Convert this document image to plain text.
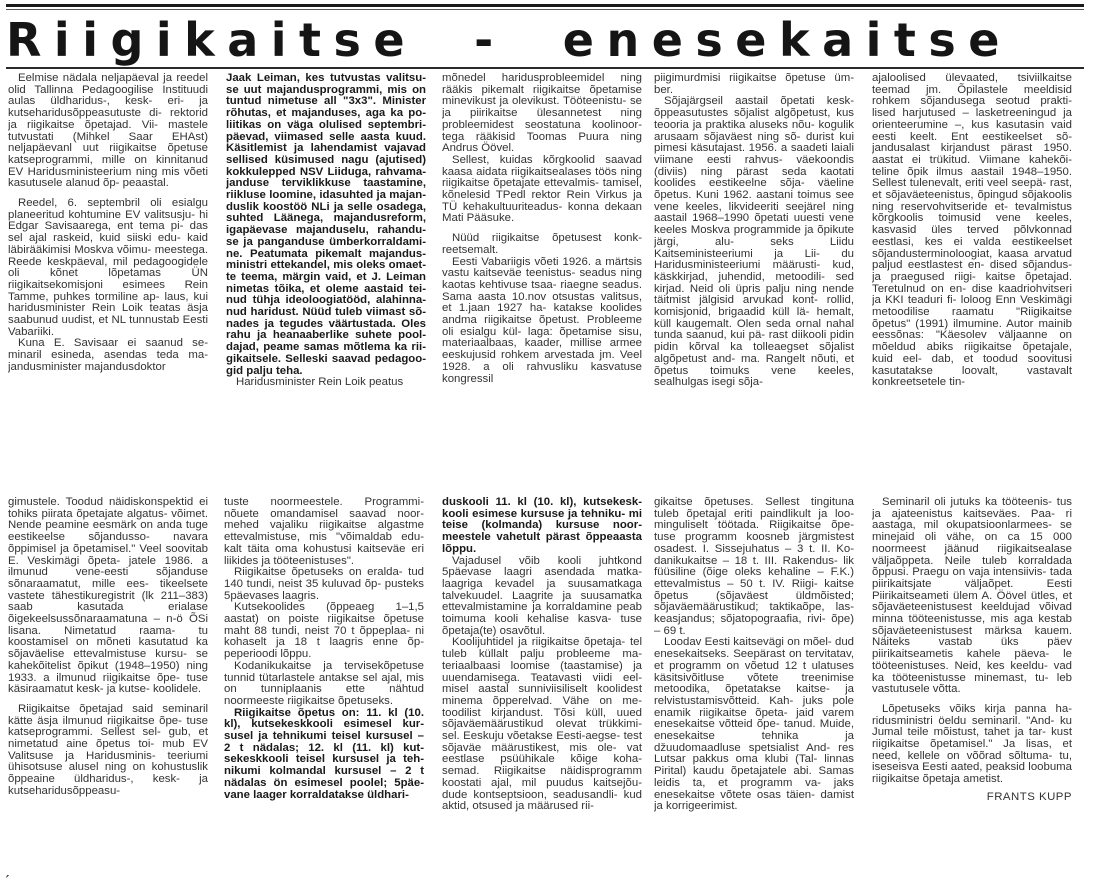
Riigikaitse  -  enesekaitse

Eelmise nädala neljapäeval ja reedel olid Tallinna Pedagoogilise Instituudi aulas üldharidus-, kesk- eri- ja kutseharidusõppeasutuste di- rektorid ja riigikaitse õpetajad. Vii- mastele tutvustati (Mihkel Saar EHAst) neljapäevanl uut riigikaitse õpetuse katseprogrammi, mille on kinnitanud EV Haridusministeerium ning mis võeti kasutusele alanud õp- peaastal.

Reedel, 6. septembril oli esialgu planeeritud kohtumine EV valitsusju- hi Edgar Savisaarega, ent tema pi- das sel ajal raskeid, kuid siiski edu- kaid läbirääkimisi Moskva võimu- meestega. Reede keskpäeval, mil pedagoogidele oli kõnet lõpetamas ÜN riigikaitsekomisjoni esimees Rein Tamme, puhkes tormiline ap- laus, kui haridusminister Rein Loik teatas äsja saabunud uudist, et NL tunnustab Eesti Vabariiki.

Kuna E. Savisaar ei saanud se- minaril esineda, asendas teda ma- jandusminister majandusdoktor

Jaak Leiman, kes tutvustas valitsu- se uut majandusprogrammi, mis on tuntud nimetuse all "3x3". Minister rõhutas, et majanduses, aga ka po- liitikas on väga olulised septembri- päevad, viimased selle aasta kuud. Käsitlemist ja lahendamist vajavad sellised küsimused nagu (ajutised) kokkulepped NSV Liiduga, rahvama- janduse terviklikkuse taastamine, riikluse loomine, idasuhted ja majan- duslik koostöö NLi ja selle osadega, suhted Läänega, majandusreform, igapäevase majanduselu, rahandu- se ja panganduse ümberkorraldami- ne. Peatumata pikemalt majandus- ministri ettekandel, mis oleks omaet- te teema, märgin vaid, et J. Leiman nimetas tõika, et oleme aastaid tei- nud tühja ideoloogiatööd, alahinna- nud haridust. Nüüd tuleb viimast sõ- nades ja tegudes väärtustada. Oles rahu ja heanaaberlike suhete pool- dajad, peame samas mõtlema ka rii- gikaitsele. Selleski saavad pedagoo- gid palju teha.

Haridusminister Rein Loik peatus

mõnedel haridusprobleemidel ning rääkis pikemalt riigikaitse õpetamise minevikust ja olevikust. Tööteenistu- se ja piirikaitse ülesannetest ning probleemidest seostatuna koolinoor- tega rääkisid Toomas Puura ning Andrus Öövel.

Sellest, kuidas kõrgkoolid saavad kaasa aidata riigikaitsealases töös ning riigikaitse õpetajate ettevalmis- tamisel, kõnelesid TPedl rektor Rein Virkus ja TÜ kehakultuuriteadus- konna dekaan Mati Pääsuke.

Nüüd riigikaitse õpetusest konk- reetsemalt.

Eesti Vabariigis võeti 1926. a märtsis vastu kaitseväe teenistus- seadus ning kaotas kehtivuse tsaa- riaegne seadus. Sama aasta 10.nov otsustas valitsus, et 1.jaan 1927 ha- katakse koolides andma riigikaitse õpetust. Probleeme oli esialgu kül- laga: õpetamise sisu, materiaalbaas, kaader, millise armee eeskujusid rohkem arvestada jm. Veel 1928. a oli rahvusliku kasvatuse kongressil

piigimurdmisi riigikaitse õpetuse üm- ber.

Sõjajärgseil aastail õpetati kesk- õppeasutustes sõjalist algõpetust, kus teooria ja praktika aluseks nõu- kogulik arusaam sõjaväest ning sõ- durist kui pimesi käsutajast. 1956. a saadeti laiali viimane eesti rahvus- väekoondis (diviis) ning pärast seda kaotati koolides eestikeelne sõja- väeline õpetus. Kuni 1962. aastani toimus see vene keeles, likvideeriti seejärel ning aastail 1968–1990 õpetati uuesti vene keeles Moskva programmide ja õpikute järgi, alu- seks Liidu Kaitseministeeriumi ja Lii- du Haridusministeeriumi määrusti- kud, käskkirjad, juhendid, metoodili- sed kirjad. Neid oli üpris palju ning nende täitmist jälgisid arvukad kont- rollid, komisjonid, brigaadid küll lä- hemalt, küll kaugemalt. Olen seda ornal nahal tunda saanud, kui pä- rast diikooli pidin pidin kõrval ka tolleaegset sõjalist algõpetust and- ma. Rangelt nõuti, et õpetus toimuks vene keeles, sealhulgas isegi sõja-

ajaloolised ülevaated, tsiviilkaitse teemad jm. Õpilastele meeldisid rohkem sõjandusega seotud prakti- lised harjutused – lasketreeningud ja orienteerumine –, kus kasutasin vaid eesti keelt. Ent eestikeelset sõ- jandusalast kirjandust pärast 1950. aastat ei trükitud. Viimane kahekõi- teline õpik ilmus aastail 1948–1950. Sellest tulenevalt, eriti veel seepä- rast, et sõjaväeteenistus, õpingud sõjakoolis ning reservohvitseride et- tevalmistus kõrgkoolis toimusid vene keeles, kasvasid üles terved põlvkonnad eestlasi, kes ei valda eestikeelset sõjandusterminoloogiat, kaasa arvatud paljud eestlastest en- dised sõjandus- ja praegused riigi- kaitse õpetajad. Teretulnud on en- dise kaadriohvitseri ja KKI teaduri fi- loloog Enn Veskimägi metoodilise raamatu "Riigikaitse õpetus" (1991) ilmumine. Autor mainib eessõnas: "Käesolev väljaanne on mõeldud abiks riigikaitse õpetajale, kuid eel- dab, et toodud soovitusi kasutatakse loovalt, vastavalt konkreetsetele tin-

gimustele. Toodud näidiskonspektid ei tohiks piirata õpetajate algatus- võimet. Nende peamine eesmärk on anda tuge eestikeelse sõjandusso- navara õppimisel ja õpetamisel." Veel soovitab E. Veskimägi õpeta- jatele 1986. a ilmunud vene-eesti sõjanduse sõnaraamatut, mille ees- tikeelsete vastete tähestikuregistrit (lk 211–383) saab kasutada erialase õigekeelsussõnaraamatuna – n-ö ÕSi lisana. Nimetatud raama- tu koostamisel on mõneti kasutatud ka sõjaväelise ettevalmistuse kursu- se kahekõitelist õpikut (1948–1950) ning 1933. a ilmunud riigikaitse õpe- tuse käsiraamatut kesk- ja kutse- koolidele.

Riigikaitse õpetajad said seminaril kätte äsja ilmunud riigikaitse õpe- tuse katseprogrammi. Sellest sel- gub, et nimetatud aine õpetus toi- mub EV Valitsuse ja Haridusminis- teeriumi ühisotsuse alusel ning on kohustuslik õppeaine üldharidus-, kesk- ja kutseharidusõppeasu-

tuste noormeestele. Programmi- nõuete omandamisel saavad noor- mehed vajaliku riigikaitse algastme ettevalmistuse, mis "võimaldab edu- kalt täita oma kohustusi kaitseväe eri liikides ja tööteenistuses".

Riigikaitse õpetuseks on eralda- tud 140 tundi, neist 35 kuluvad õp- pusteks 5päevases laagris.

Kutsekoolides (õppeaeg 1–1,5 aastat) on poiste riigikaitse õpetuse maht 88 tundi, neist 70 t õppeplaa- ni kohaselt ja 18 t laagris enne õp- peperioodi lõppu.

Kodanikukaitse ja tervisekõpetuse tunnid tütarlastele antakse sel ajal, mis on tunniplaanis ette nähtud noormeeste riigikaitse õpetuseks.

Riigikaitse õpetus on: 11. kl (10. kl), kutsekeskkooli esimesel kur- susel ja tehnikumi teisel kursusel – 2 t nädalas; 12. kl (11. kl) kut- sekeskkooli teisel kursusel ja teh- nikumi kolmandal kursusel – 2 t nädalas ön esimesel poolel; 5päe- vane laager korraldatakse üldhari-

duskooli 11. kl (10. kl), kutsekesk- kooli esimese kursuse ja tehniku- mi teise (kolmanda) kursuse noor- meestele vahetult pärast õppeaasta lõppu.

Vajadusel võib kooli juhtkond 5päevase laagri asendada matka- laagriga kevadel ja suusamatkaga talvekuudel. Laagrite ja suusamatka ettevalmistamine ja korraldamine peab toimuma kooli kehalise kasva- tuse õpetaja(te) osavõtul.

Koolijuhtidel ja riigikaitse õpetaja- tel tuleb küllalt palju probleeme ma- teriaalbaasi loomise (taastamise) ja uuendamisega. Teatavasti viidi eel- misel aastal sunniviisiliselt koolidest minema õpperelvad. Vähe on me- toodilist kirjandust. Tõsi küll, uued sõjaväemäärustikud olevat trükkimi- sel. Eeskuju võetakse Eesti-aegse- test sõjaväe määrustikest, mis ole- vat eestlase psüühikale kõige koha- semad. Riigikaitse näidisprogramm koostati ajal, mil puudus kaitsejõu- dude kontseptsioon, seadusandli- kud aktid, otsused ja määrused rii-

gikaitse õpetuses. Sellest tingituna tuleb õpetajal eriti paindlikult ja loo- minguliselt töötada. Riigikaitse õpe- tuse programm koosneb järgmistest osadest. I. Sissejuhatus – 3 t. II. Ko- danikukaitse – 18 t. III. Rakendus- lik füüsiline (õige oleks kehaline – F.K.) ettevalmistus – 50 t. IV. Riigi- kaitse õpetus (sõjaväest üldmõisted; sõjaväemäärustikud; taktikaõpe, las- keasjandus; sõjatopograafia, rivi- õpe) – 69 t.

Loodav Eesti kaitsevägi on mõel- dud enesekaitseks. Seepärast on tervitatav, et programm on võetud 12 t ulatuses käsitsivõitluse võtete treenimise metoodika, õpetatakse kaitse- ja relvistustamisvõtteid. Kah- juks pole enamik riigikaitse õpeta- jaid varem enesekaitse võtteid õpe- tanud. Muide, enesekaitse tehnika ja džuudomaadluse spetsialist And- res Lutsar pakkus oma klubi (Tal- linnas Pirital) kaudu õpetajatele abi. Samas leidis ta, et programm va- jaks enesekaitse võtete osas täien- damist ja korrigeerimist.

Seminaril oli jutuks ka tööteenis- tus ja ajateenistus kaitseväes. Paa- ri aastaga, mil okupatsioonlarmees- se minejaid oli vähe, on ca 15 000 noormeest jäänud riigikaitsealase väljaõppeta. Neile tuleb korraldada õppusi. Praegu on vaja intensiivis- tada piirikaitsjate väljaõpet. Eesti Piirikaitseameti ülem A. Öövel ütles, et sõjaväeteenistusest keeldujad võivad minna tööteenistusse, mis aga kestab sõjaväeteenistusest märksa kauem. Näiteks vastab üks päev piirikaitseametis kahele päeva- le tööteenistuses. Neid, kes keeldu- vad ka tööteenistusse minemast, tu- leb vastutusele võtta.

Lõpetuseks võiks kirja panna ha- ridusministri öeldu seminaril. "And- ku Jumal teile mõistust, tahet ja tar- kust riigikaitse õpetamisel." Ja lisas, et need, kellele on võõrad sõltuma- tu, iseseisva Eesti aated, peaksid loobuma riigikaitse õpetaja ametist.

FRANTS KUPP

ˏ
